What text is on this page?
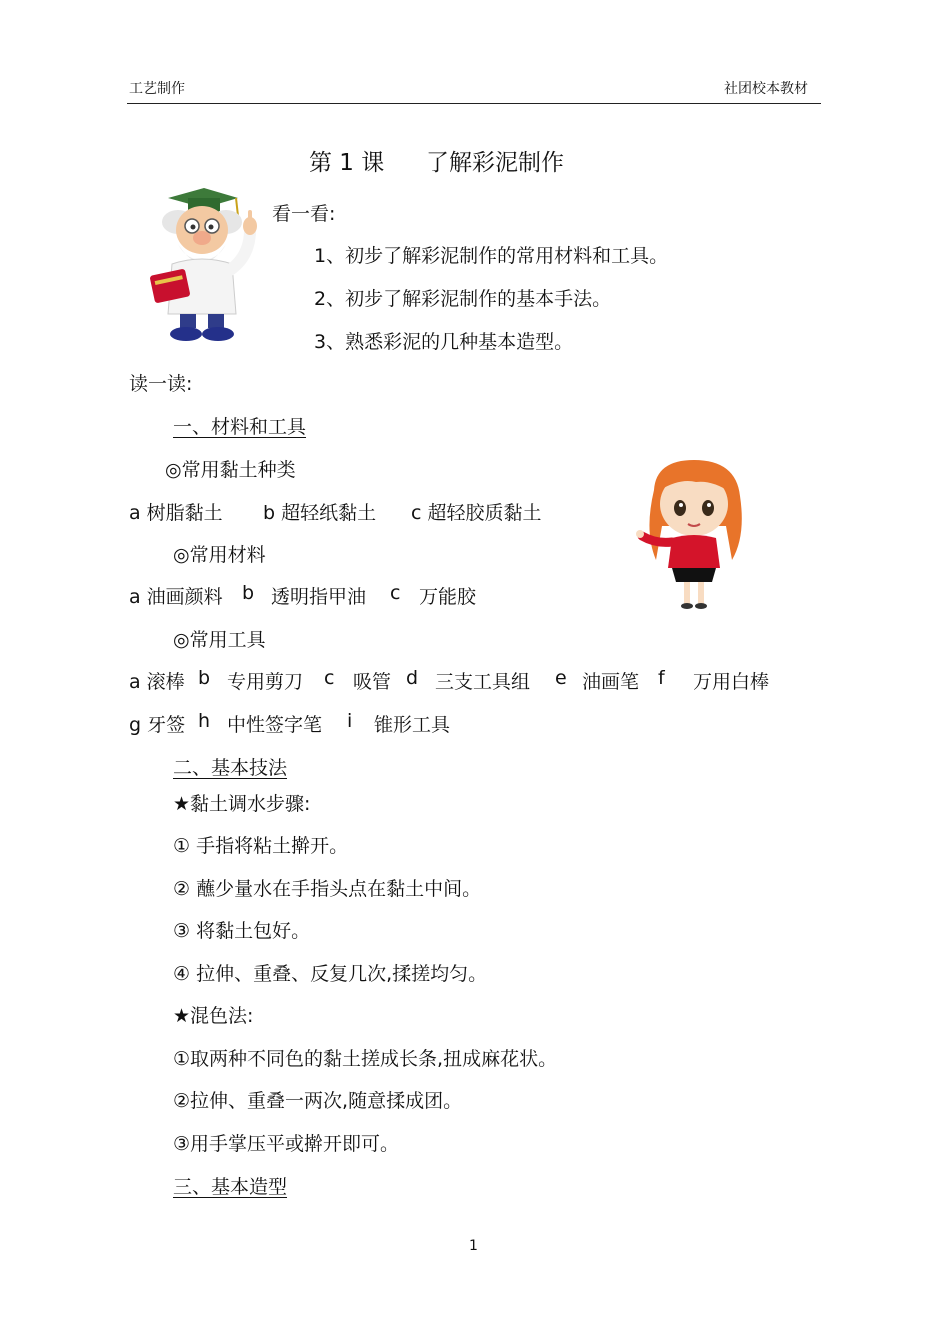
工艺制作	社团校本教材
第 1 课 了解彩泥制作
看一看:
1、初步了解彩泥制作的常用材料和工具。
2、初步了解彩泥制作的基本手法。
3、熟悉彩泥的几种基本造型。
读一读:
一、材料和工具
◎常用黏土种类
a 树脂黏土 b 超轻纸黏土 c 超轻胶质黏土
◎常用材料
a 油画颜料 b 透明指甲油 c 万能胶
◎常用工具
a 滚棒 b 专用剪刀 c 吸管 d 三支工具组 e 油画笔 f 万用白棒
g 牙签 h 中性签字笔 i 锥形工具
二、基本技法
★黏土调水步骤:
① 手指将粘土擀开。
② 蘸少量水在手指头点在黏土中间。
③ 将黏土包好。
④ 拉伸、重叠、反复几次,揉搓均匀。
★混色法:
①取两种不同色的黏土搓成长条,扭成麻花状。
②拉伸、重叠一两次,随意揉成团。
③用手掌压平或擀开即可。
三、基本造型
1
